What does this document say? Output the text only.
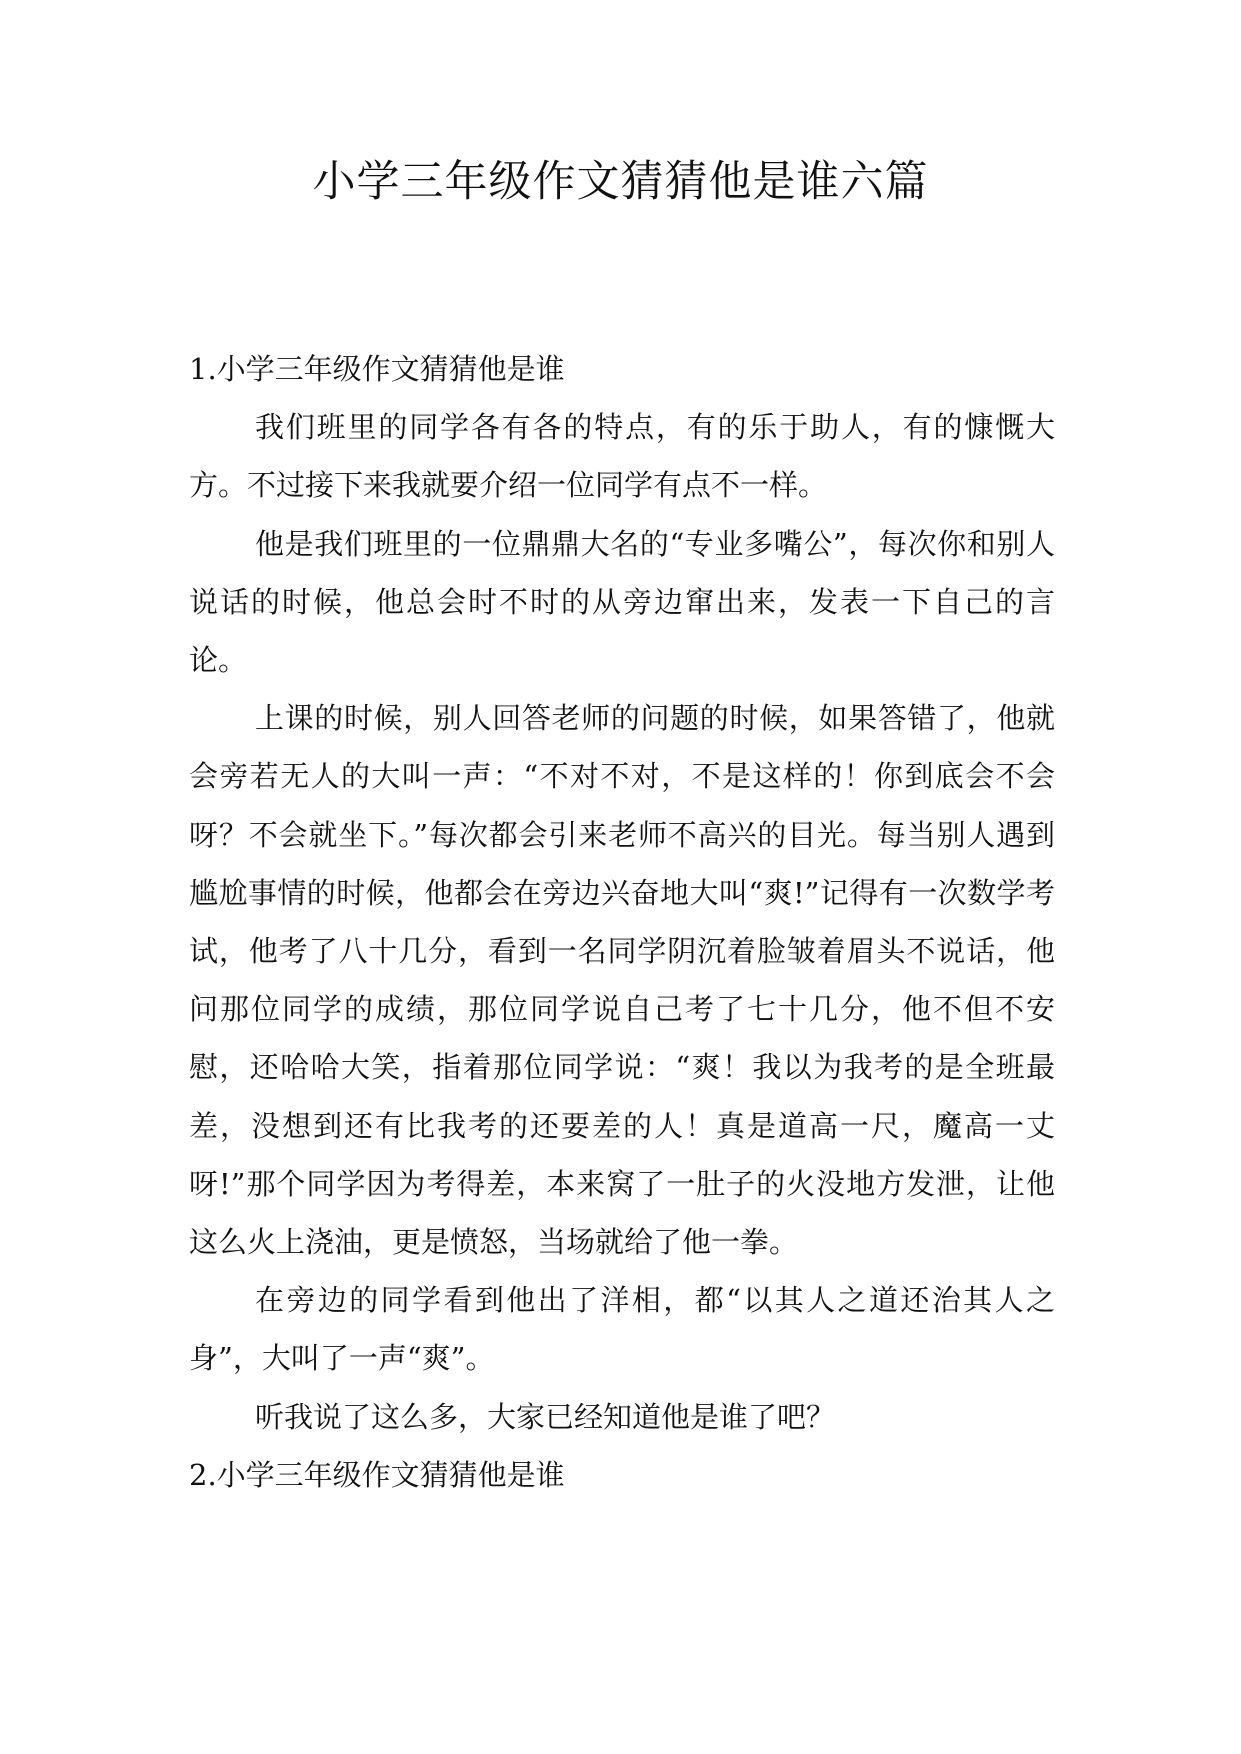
小学三年级作文猜猜他是谁六篇

1.小学三年级作文猜猜他是谁

我们班里的同学各有各的特点，有的乐于助人，有的慷慨大方。不过接下来我就要介绍一位同学有点不一样。

他是我们班里的一位鼎鼎大名的“专业多嘴公”，每次你和别人说话的时候，他总会时不时的从旁边窜出来，发表一下自己的言论。

上课的时候，别人回答老师的问题的时候，如果答错了，他就会旁若无人的大叫一声：“不对不对，不是这样的！你到底会不会呀？不会就坐下。”每次都会引来老师不高兴的目光。每当别人遇到尴尬事情的时候，他都会在旁边兴奋地大叫“爽!”记得有一次数学考试，他考了八十几分，看到一名同学阴沉着脸皱着眉头不说话，他问那位同学的成绩，那位同学说自己考了七十几分，他不但不安慰，还哈哈大笑，指着那位同学说：“爽！我以为我考的是全班最差，没想到还有比我考的还要差的人！真是道高一尺，魔高一丈呀!”那个同学因为考得差，本来窝了一肚子的火没地方发泄，让他这么火上浇油，更是愤怒，当场就给了他一拳。

在旁边的同学看到他出了洋相，都“以其人之道还治其人之身”，大叫了一声“爽”。

听我说了这么多，大家已经知道他是谁了吧？

2.小学三年级作文猜猜他是谁
